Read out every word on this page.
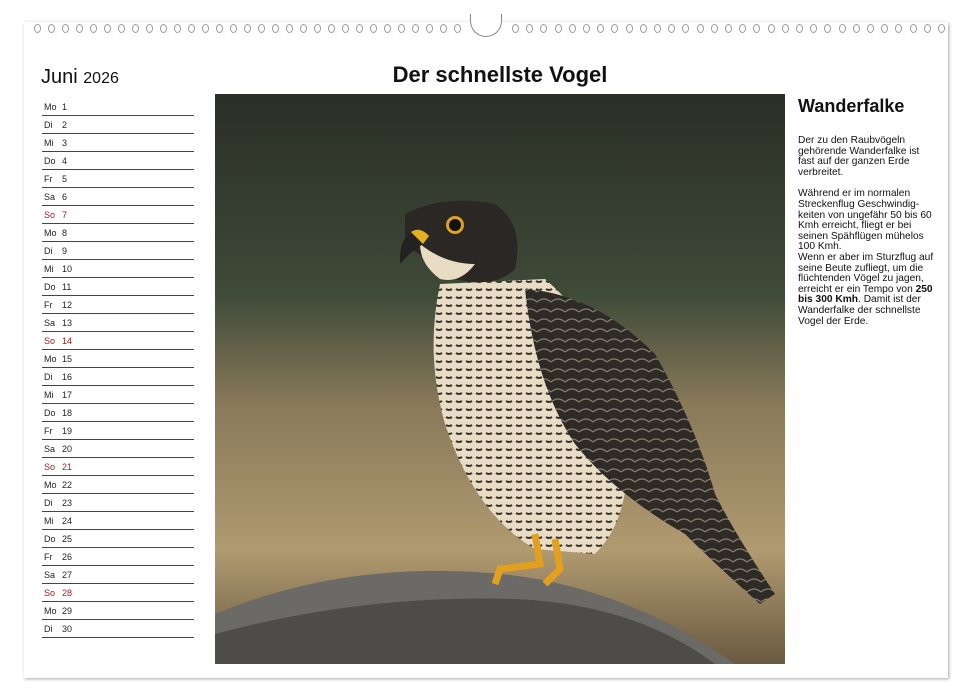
Juni 2026
Mo 1
Di 2
Mi 3
Do 4
Fr 5
Sa 6
So 7
Mo 8
Di 9
Mi 10
Do 11
Fr 12
Sa 13
So 14
Mo 15
Di 16
Mi 17
Do 18
Fr 19
Sa 20
So 21
Mo 22
Di 23
Mi 24
Do 25
Fr 26
Sa 27
So 28
Mo 29
Di 30
Der schnellste Vogel
Wanderfalke

Der zu den Raubvögeln gehörende Wanderfalke ist fast auf der ganzen Erde verbreitet.

Während er im normalen Streckenflug Geschwindig-keiten von ungefähr 50 bis 60 Kmh erreicht, fliegt er bei seinen Spähflügen mühelos 100 Kmh.

Wenn er aber im Sturzflug auf seine Beute zufliegt, um die flüchtenden Vögel zu jagen, erreicht er ein Tempo von 250 bis 300 Kmh. Damit ist der Wanderfalke der schnellste Vogel der Erde.
